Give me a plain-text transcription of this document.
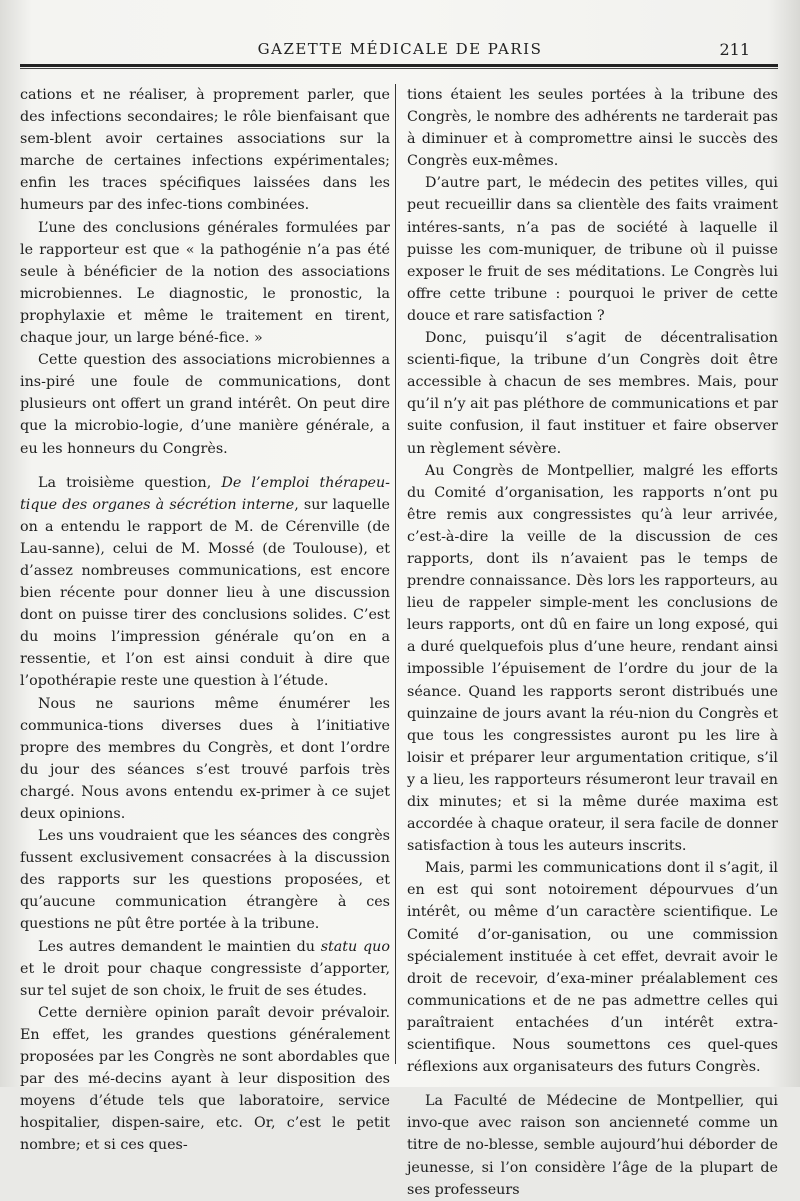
GAZETTE MÉDICALE DE PARIS	211

cations et ne réaliser, à proprement parler, que des infections secondaires; le rôle bienfaisant que sem-blent avoir certaines associations sur la marche de certaines infections expérimentales; enfin les traces spécifiques laissées dans les humeurs par des infec-tions combinées.

L’une des conclusions générales formulées par le rapporteur est que « la pathogénie n’a pas été seule à bénéficier de la notion des associations microbiennes. Le diagnostic, le pronostic, la prophylaxie et même le traitement en tirent, chaque jour, un large béné-fice. »

Cette question des associations microbiennes a ins-piré une foule de communications, dont plusieurs ont offert un grand intérêt. On peut dire que la microbio-logie, d’une manière générale, a eu les honneurs du Congrès.

La troisième question, De l’emploi thérapeu-tique des organes à sécrétion interne, sur laquelle on a entendu le rapport de M. de Cérenville (de Lau-sanne), celui de M. Mossé (de Toulouse), et d’assez nombreuses communications, est encore bien récente pour donner lieu à une discussion dont on puisse tirer des conclusions solides. C’est du moins l’impression générale qu’on en a ressentie, et l’on est ainsi conduit à dire que l’opothérapie reste une question à l’étude.

Nous ne saurions même énumérer les communica-tions diverses dues à l’initiative propre des membres du Congrès, et dont l’ordre du jour des séances s’est trouvé parfois très chargé. Nous avons entendu ex-primer à ce sujet deux opinions.

Les uns voudraient que les séances des congrès fussent exclusivement consacrées à la discussion des rapports sur les questions proposées, et qu’aucune communication étrangère à ces questions ne pût être portée à la tribune.

Les autres demandent le maintien du statu quo et le droit pour chaque congressiste d’apporter, sur tel sujet de son choix, le fruit de ses études.

Cette dernière opinion paraît devoir prévaloir. En effet, les grandes questions généralement proposées par les Congrès ne sont abordables que par des mé-decins ayant à leur disposition des moyens d’étude tels que laboratoire, service hospitalier, dispen-saire, etc. Or, c’est le petit nombre; et si ces ques-

tions étaient les seules portées à la tribune des Congrès, le nombre des adhérents ne tarderait pas à diminuer et à compromettre ainsi le succès des Congrès eux-mêmes.

D’autre part, le médecin des petites villes, qui peut recueillir dans sa clientèle des faits vraiment intéres-sants, n’a pas de société à laquelle il puisse les com-muniquer, de tribune où il puisse exposer le fruit de ses méditations. Le Congrès lui offre cette tribune : pourquoi le priver de cette douce et rare satisfaction ?

Donc, puisqu’il s’agit de décentralisation scienti-fique, la tribune d’un Congrès doit être accessible à chacun de ses membres. Mais, pour qu’il n’y ait pas pléthore de communications et par suite confusion, il faut instituer et faire observer un règlement sévère.

Au Congrès de Montpellier, malgré les efforts du Comité d’organisation, les rapports n’ont pu être remis aux congressistes qu’à leur arrivée, c’est-à-dire la veille de la discussion de ces rapports, dont ils n’avaient pas le temps de prendre connaissance. Dès lors les rapporteurs, au lieu de rappeler simple-ment les conclusions de leurs rapports, ont dû en faire un long exposé, qui a duré quelquefois plus d’une heure, rendant ainsi impossible l’épuisement de l’ordre du jour de la séance. Quand les rapports seront distribués une quinzaine de jours avant la réu-nion du Congrès et que tous les congressistes auront pu les lire à loisir et préparer leur argumentation critique, s’il y a lieu, les rapporteurs résumeront leur travail en dix minutes; et si la même durée maxima est accordée à chaque orateur, il sera facile de donner satisfaction à tous les auteurs inscrits.

Mais, parmi les communications dont il s’agit, il en est qui sont notoirement dépourvues d’un intérêt, ou même d’un caractère scientifique. Le Comité d’or-ganisation, ou une commission spécialement instituée à cet effet, devrait avoir le droit de recevoir, d’exa-miner préalablement ces communications et de ne pas admettre celles qui paraîtraient entachées d’un intérêt extra-scientifique. Nous soumettons ces quel-ques réflexions aux organisateurs des futurs Congrès.

La Faculté de Médecine de Montpellier, qui invo-que avec raison son ancienneté comme un titre de no-blesse, semble aujourd’hui déborder de jeunesse, si l’on considère l’âge de la plupart de ses professeurs
